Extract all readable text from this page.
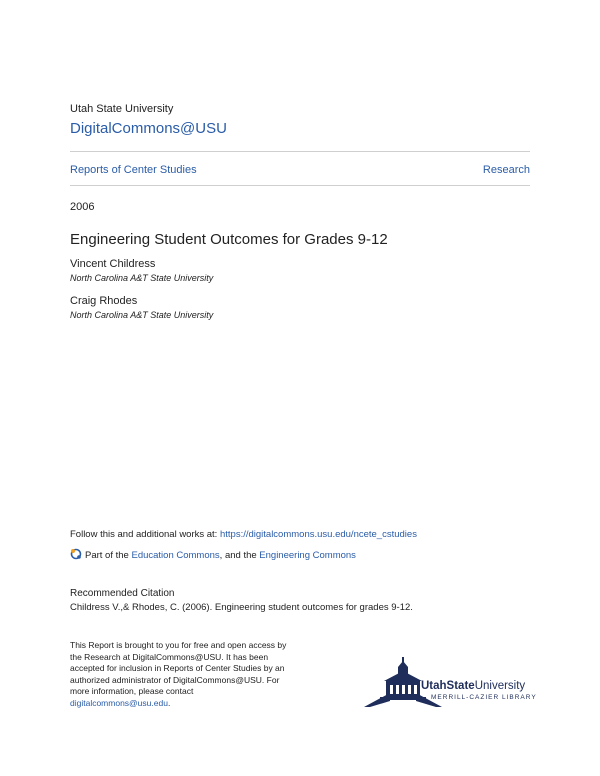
Utah State University
DigitalCommons@USU
Reports of Center Studies	Research
2006
Engineering Student Outcomes for Grades 9-12
Vincent Childress
North Carolina A&T State University
Craig Rhodes
North Carolina A&T State University
Follow this and additional works at: https://digitalcommons.usu.edu/ncete_cstudies
Part of the Education Commons, and the Engineering Commons
Recommended Citation
Childress V.,& Rhodes, C. (2006). Engineering student outcomes for grades 9-12.

This Report is brought to you for free and open access by

the Research at DigitalCommons@USU. It has been

accepted for inclusion in Reports of Center Studies by an

authorized administrator of DigitalCommons@USU. For

more information, please contact

digitalcommons@usu.edu.

UtahStateUniversity
MERRILL-CAZIER LIBRARY
